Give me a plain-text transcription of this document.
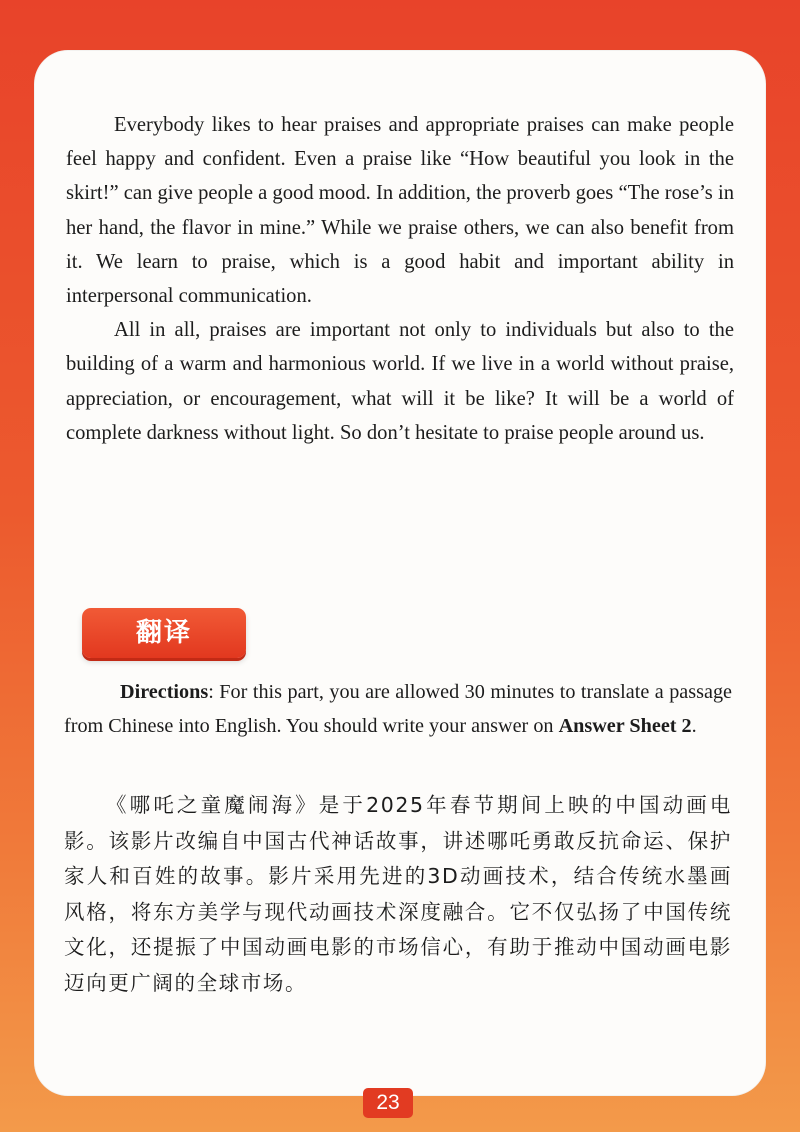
Everybody likes to hear praises and appropriate praises can make people feel happy and confident. Even a praise like “How beautiful you look in the skirt!” can give people a good mood. In addition, the proverb goes “The rose’s in her hand, the flavor in mine.” While we praise others, we can also benefit from it. We learn to praise, which is a good habit and important ability in interpersonal communication.

All in all, praises are important not only to individuals but also to the building of a warm and harmonious world. If we live in a world without praise, appreciation, or encouragement, what will it be like? It will be a world of complete darkness without light. So don’t hesitate to praise people around us.

翻译

Directions: For this part, you are allowed 30 minutes to translate a passage from Chinese into English. You should write your answer on Answer Sheet 2.

《哪吒之童魔闹海》是于2025年春节期间上映的中国动画电影。该影片改编自中国古代神话故事，讲述哪吒勇敢反抗命运、保护家人和百姓的故事。影片采用先进的3D动画技术，结合传统水墨画风格，将东方美学与现代动画技术深度融合。它不仅弘扬了中国传统文化，还提振了中国动画电影的市场信心，有助于推动中国动画电影迈向更广阔的全球市场。

23
